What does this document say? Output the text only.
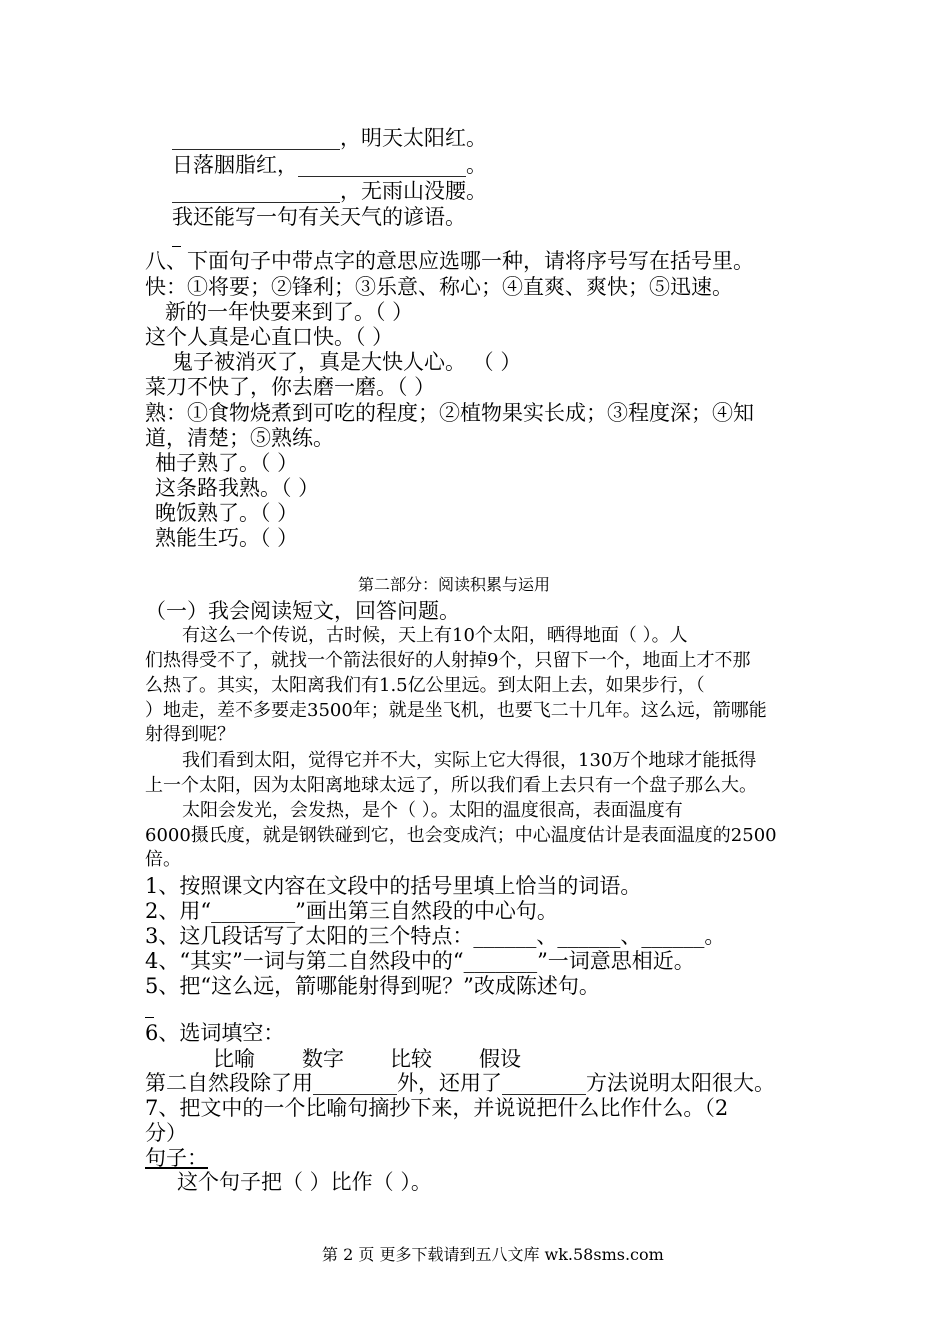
________________，明天太阳红。
日落胭脂红，________________。
________________，无雨山没腰。
我还能写一句有关天气的谚语。
八、下面句子中带点字的意思应选哪一种，请将序号写在括号里。
快：①将要；②锋利；③乐意、称心；④直爽、爽快；⑤迅速。
新的一年快要来到了。（ ）
这个人真是心直口快。（ ）
鬼子被消灭了，真是大快人心。 （ ）
菜刀不快了，你去磨一磨。（ ）
熟：①食物烧煮到可吃的程度；②植物果实长成；③程度深；④知
道，清楚；⑤熟练。
柚子熟了。（ ）
这条路我熟。（ ）
晚饭熟了。（ ）
熟能生巧。（ ）
第二部分：阅读积累与运用
（一）我会阅读短文，回答问题。
有这么一个传说，古时候，天上有10个太阳，晒得地面（ ）。人
们热得受不了，就找一个箭法很好的人射掉9个，只留下一个，地面上才不那
么热了。其实，太阳离我们有1.5亿公里远。到太阳上去，如果步行，（
）地走，差不多要走3500年；就是坐飞机，也要飞二十几年。这么远，箭哪能
射得到呢？
我们看到太阳，觉得它并不大，实际上它大得很，130万个地球才能抵得
上一个太阳，因为太阳离地球太远了，所以我们看上去只有一个盘子那么大。
太阳会发光，会发热，是个（ ）。太阳的温度很高，表面温度有
6000摄氏度，就是钢铁碰到它，也会变成汽；中心温度估计是表面温度的2500
倍。
1、按照课文内容在文段中的括号里填上恰当的词语。
2、用“________”画出第三自然段的中心句。
3、这几段话写了太阳的三个特点：______、______、______。
4、“其实”一词与第二自然段中的“_______”一词意思相近。
5、把“这么远，箭哪能射得到呢？”改成陈述句。
6、选词填空：
比喻 数字 比较 假设
第二自然段除了用________外，还用了________方法说明太阳很大。
7、把文中的一个比喻句摘抄下来，并说说把什么比作什么。（2
分）
句子：
这个句子把（ ）比作（ ）。
第 2 页 更多下载请到五八文库 wk.58sms.com
